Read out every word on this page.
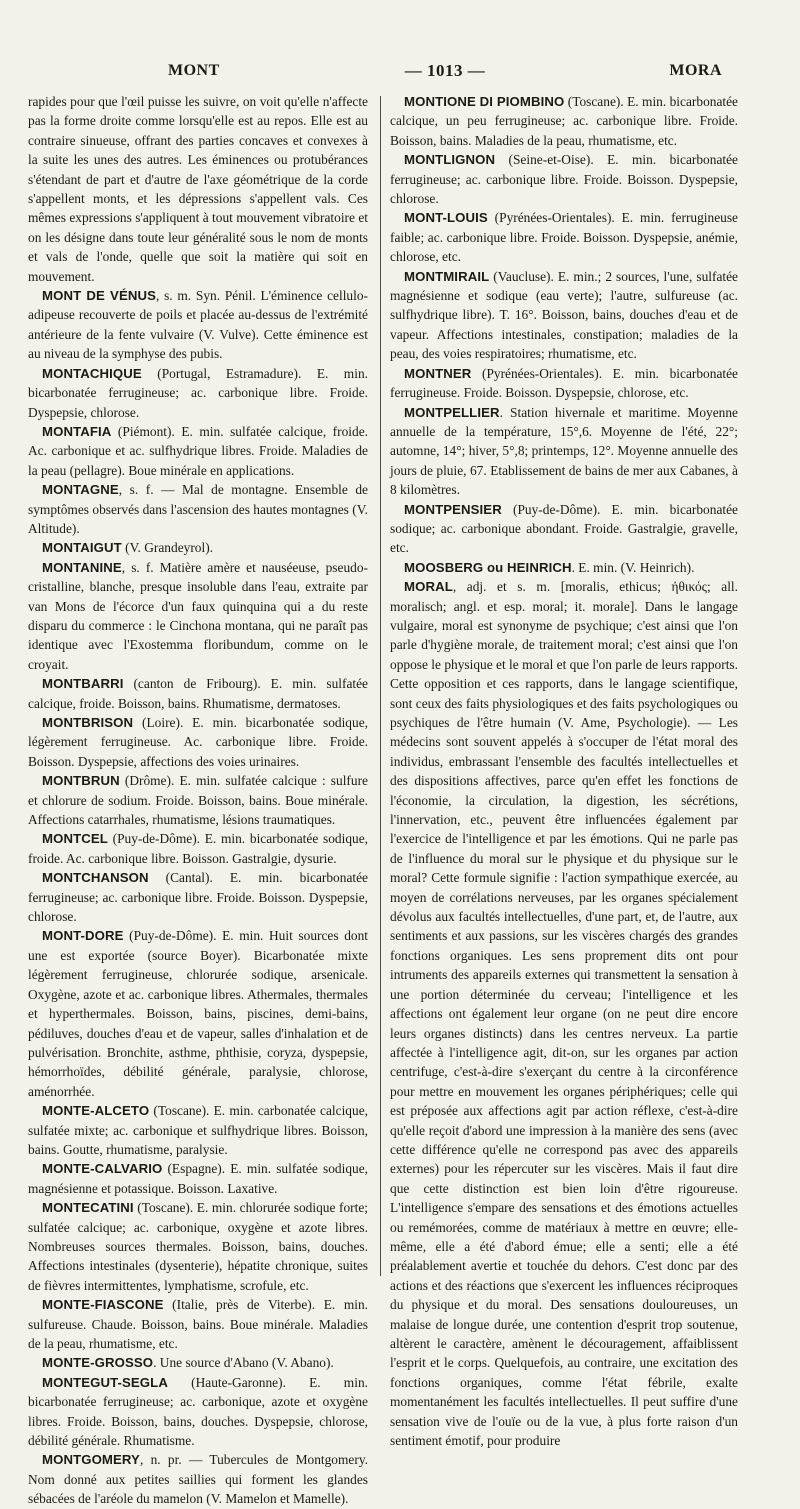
MONT	— 1013 —	MORA

rapides pour que l'œil puisse les suivre, on voit qu'elle n'affecte pas la forme droite comme lorsqu'elle est au repos. Elle est au contraire sinueuse, offrant des parties concaves et convexes à la suite les unes des autres. Les éminences ou protubérances s'étendant de part et d'autre de l'axe géométrique de la corde s'appellent monts, et les dépressions s'appellent vals. Ces mêmes expressions s'appliquent à tout mouvement vibratoire et on les désigne dans toute leur généralité sous le nom de monts et vals de l'onde, quelle que soit la matière qui soit en mouvement.

MONT DE VÉNUS, s. m. Syn. Pénil. L'éminence cellulo-adipeuse recouverte de poils et placée au-dessus de l'extrémité antérieure de la fente vulvaire (V. Vulve). Cette éminence est au niveau de la symphyse des pubis.

MONTACHIQUE (Portugal, Estramadure). E. min. bicarbonatée ferrugineuse; ac. carbonique libre. Froide. Dyspepsie, chlorose.

MONTAFIA (Piémont). E. min. sulfatée calcique, froide. Ac. carbonique et ac. sulfhydrique libres. Froide. Maladies de la peau (pellagre). Boue minérale en applications.

MONTAGNE, s. f. — Mal de montagne. Ensemble de symptômes observés dans l'ascension des hautes montagnes (V. Altitude).

MONTAIGUT (V. Grandeyrol).

MONTANINE, s. f. Matière amère et nauséeuse, pseudo-cristalline, blanche, presque insoluble dans l'eau, extraite par van Mons de l'écorce d'un faux quinquina qui a du reste disparu du commerce : le Cinchona montana, qui ne paraît pas identique avec l'Exostemma floribundum, comme on le croyait.

MONTBARRI (canton de Fribourg). E. min. sulfatée calcique, froide. Boisson, bains. Rhumatisme, dermatoses.

MONTBRISON (Loire). E. min. bicarbonatée sodique, légèrement ferrugineuse. Ac. carbonique libre. Froide. Boisson. Dyspepsie, affections des voies urinaires.

MONTBRUN (Drôme). E. min. sulfatée calcique : sulfure et chlorure de sodium. Froide. Boisson, bains. Boue minérale. Affections catarrhales, rhumatisme, lésions traumatiques.

MONTCEL (Puy-de-Dôme). E. min. bicarbonatée sodique, froide. Ac. carbonique libre. Boisson. Gastralgie, dysurie.

MONTCHANSON (Cantal). E. min. bicarbonatée ferrugineuse; ac. carbonique libre. Froide. Boisson. Dyspepsie, chlorose.

MONT-DORE (Puy-de-Dôme). E. min. Huit sources dont une est exportée (source Boyer). Bicarbonatée mixte légèrement ferrugineuse, chlorurée sodique, arsenicale. Oxygène, azote et ac. carbonique libres. Athermales, thermales et hyperthermales. Boisson, bains, piscines, demi-bains, pédiluves, douches d'eau et de vapeur, salles d'inhalation et de pulvérisation. Bronchite, asthme, phthisie, coryza, dyspepsie, hémorrhoïdes, débilité générale, paralysie, chlorose, aménorrhée.

MONTE-ALCETO (Toscane). E. min. carbonatée calcique, sulfatée mixte; ac. carbonique et sulfhydrique libres. Boisson, bains. Goutte, rhumatisme, paralysie.

MONTE-CALVARIO (Espagne). E. min. sulfatée sodique, magnésienne et potassique. Boisson. Laxative.

MONTECATINI (Toscane). E. min. chlorurée sodique forte; sulfatée calcique; ac. carbonique, oxygène et azote libres. Nombreuses sources thermales. Boisson, bains, douches. Affections intestinales (dysenterie), hépatite chronique, suites de fièvres intermittentes, lymphatisme, scrofule, etc.

MONTE-FIASCONE (Italie, près de Viterbe). E. min. sulfureuse. Chaude. Boisson, bains. Boue minérale. Maladies de la peau, rhumatisme, etc.

MONTE-GROSSO. Une source d'Abano (V. Abano).

MONTEGUT-SEGLA (Haute-Garonne). E. min. bicarbonatée ferrugineuse; ac. carbonique, azote et oxygène libres. Froide. Boisson, bains, douches. Dyspepsie, chlorose, débilité générale. Rhumatisme.

MONTGOMERY, n. pr. — Tubercules de Montgomery. Nom donné aux petites saillies qui forment les glandes sébacées de l'aréole du mamelon (V. Mamelon et Mamelle).

MONTIONE DI PIOMBINO (Toscane). E. min. bicarbonatée calcique, un peu ferrugineuse; ac. carbonique libre. Froide. Boisson, bains. Maladies de la peau, rhumatisme, etc.

MONTLIGNON (Seine-et-Oise). E. min. bicarbonatée ferrugineuse; ac. carbonique libre. Froide. Boisson. Dyspepsie, chlorose.

MONT-LOUIS (Pyrénées-Orientales). E. min. ferrugineuse faible; ac. carbonique libre. Froide. Boisson. Dyspepsie, anémie, chlorose, etc.

MONTMIRAIL (Vaucluse). E. min.; 2 sources, l'une, sulfatée magnésienne et sodique (eau verte); l'autre, sulfureuse (ac. sulfhydrique libre). T. 16°. Boisson, bains, douches d'eau et de vapeur. Affections intestinales, constipation; maladies de la peau, des voies respiratoires; rhumatisme, etc.

MONTNER (Pyrénées-Orientales). E. min. bicarbonatée ferrugineuse. Froide. Boisson. Dyspepsie, chlorose, etc.

MONTPELLIER. Station hivernale et maritime. Moyenne annuelle de la température, 15°,6. Moyenne de l'été, 22°; automne, 14°; hiver, 5°,8; printemps, 12°. Moyenne annuelle des jours de pluie, 67. Etablissement de bains de mer aux Cabanes, à 8 kilomètres.

MONTPENSIER (Puy-de-Dôme). E. min. bicarbonatée sodique; ac. carbonique abondant. Froide. Gastralgie, gravelle, etc.

MOOSBERG ou HEINRICH. E. min. (V. Heinrich).

MORAL, adj. et s. m. [moralis, ethicus; ἠθικός; all. moralisch; angl. et esp. moral; it. morale]. Dans le langage vulgaire, moral est synonyme de psychique; c'est ainsi que l'on parle d'hygiène morale, de traitement moral; c'est ainsi que l'on oppose le physique et le moral et que l'on parle de leurs rapports. Cette opposition et ces rapports, dans le langage scientifique, sont ceux des faits physiologiques et des faits psychologiques ou psychiques de l'être humain (V. Ame, Psychologie). — Les médecins sont souvent appelés à s'occuper de l'état moral des individus, embrassant l'ensemble des facultés intellectuelles et des dispositions affectives, parce qu'en effet les fonctions de l'économie, la circulation, la digestion, les sécrétions, l'innervation, etc., peuvent être influencées également par l'exercice de l'intelligence et par les émotions. Qui ne parle pas de l'influence du moral sur le physique et du physique sur le moral? Cette formule signifie : l'action sympathique exercée, au moyen de corrélations nerveuses, par les organes spécialement dévolus aux facultés intellectuelles, d'une part, et, de l'autre, aux sentiments et aux passions, sur les viscères chargés des grandes fonctions organiques. Les sens proprement dits ont pour intruments des appareils externes qui transmettent la sensation à une portion déterminée du cerveau; l'intelligence et les affections ont également leur organe (on ne peut dire encore leurs organes distincts) dans les centres nerveux. La partie affectée à l'intelligence agit, dit-on, sur les organes par action centrifuge, c'est-à-dire s'exerçant du centre à la circonférence pour mettre en mouvement les organes périphériques; celle qui est préposée aux affections agit par action réflexe, c'est-à-dire qu'elle reçoit d'abord une impression à la manière des sens (avec cette différence qu'elle ne correspond pas avec des appareils externes) pour les répercuter sur les viscères. Mais il faut dire que cette distinction est bien loin d'être rigoureuse. L'intelligence s'empare des sensations et des émotions actuelles ou remémorées, comme de matériaux à mettre en œuvre; elle-même, elle a été d'abord émue; elle a senti; elle a été préalablement avertie et touchée du dehors. C'est donc par des actions et des réactions que s'exercent les influences réciproques du physique et du moral. Des sensations douloureuses, un malaise de longue durée, une contention d'esprit trop soutenue, altèrent le caractère, amènent le découragement, affaiblissent l'esprit et le corps. Quelquefois, au contraire, une excitation des fonctions organiques, comme l'état fébrile, exalte momentanément les facultés intellectuelles. Il peut suffire d'une sensation vive de l'ouïe ou de la vue, à plus forte raison d'un sentiment émotif, pour produire
